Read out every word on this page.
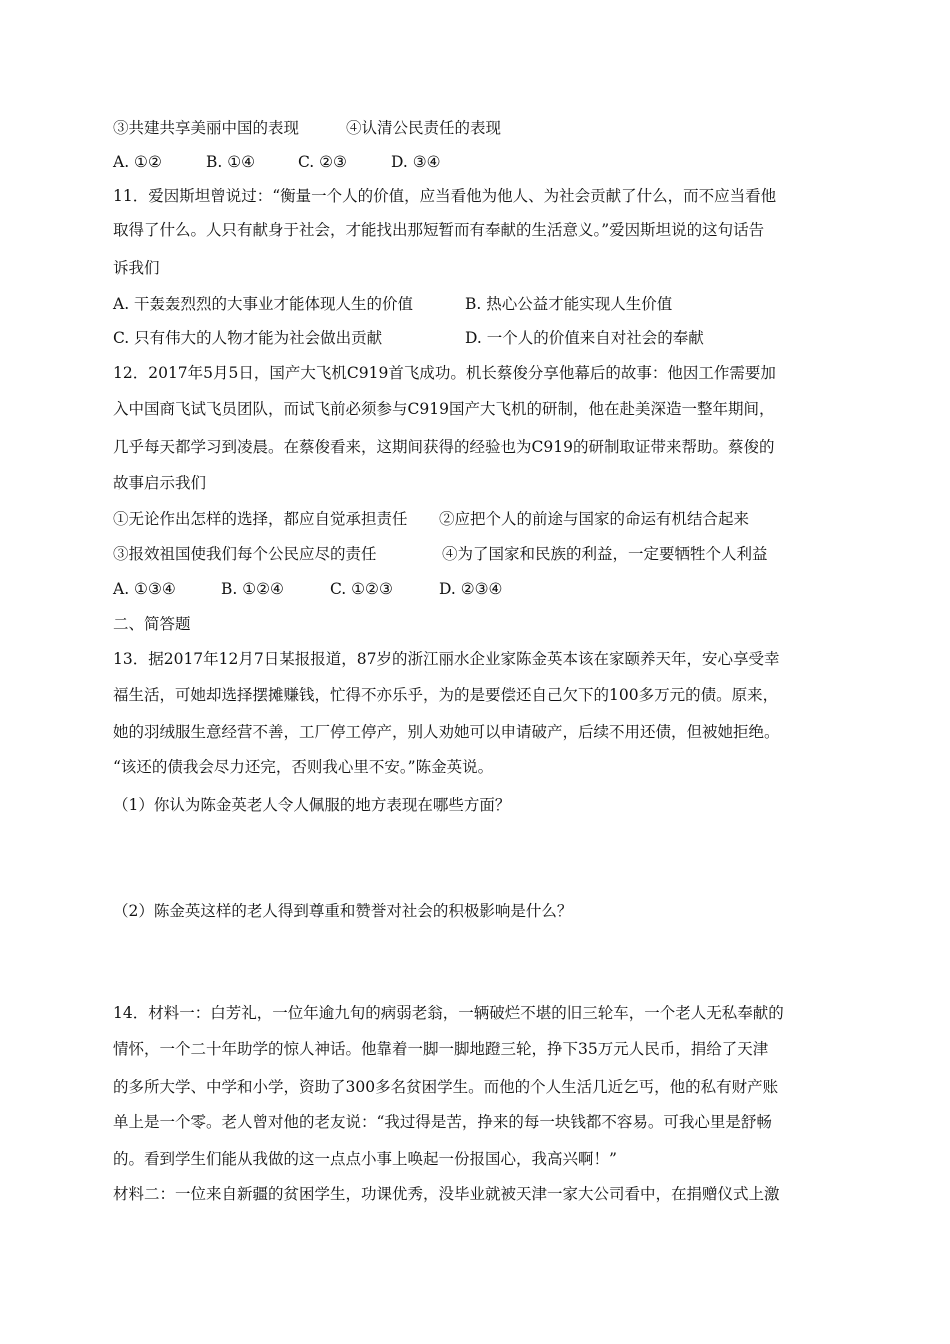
③共建共享美丽中国的表现	④认清公民责任的表现
A. ①②	B. ①④	C. ②③	D. ③④
11．爱因斯坦曾说过：“衡量一个人的价值，应当看他为他人、为社会贡献了什么，而不应当看他
取得了什么。人只有献身于社会，才能找出那短暂而有奉献的生活意义。”爱因斯坦说的这句话告
诉我们
A. 干轰轰烈烈的大事业才能体现人生的价值	B. 热心公益才能实现人生价值
C. 只有伟大的人物才能为社会做出贡献	D. 一个人的价值来自对社会的奉献
12．2017年5月5日，国产大飞机C919首飞成功。机长蔡俊分享他幕后的故事：他因工作需要加
入中国商飞试飞员团队，而试飞前必须参与C919国产大飞机的研制，他在赴美深造一整年期间，
几乎每天都学习到凌晨。在蔡俊看来，这期间获得的经验也为C919的研制取证带来帮助。蔡俊的
故事启示我们
①无论作出怎样的选择，都应自觉承担责任 ②应把个人的前途与国家的命运有机结合起来
③报效祖国使我们每个公民应尽的责任	④为了国家和民族的利益，一定要牺牲个人利益
A. ①③④	B. ①②④	C. ①②③	D. ②③④
二、简答题
13．据2017年12月7日某报报道，87岁的浙江丽水企业家陈金英本该在家颐养天年，安心享受幸
福生活，可她却选择摆摊赚钱，忙得不亦乐乎，为的是要偿还自己欠下的100多万元的债。原来，
她的羽绒服生意经营不善，工厂停工停产，别人劝她可以申请破产，后续不用还债，但被她拒绝。
“该还的债我会尽力还完，否则我心里不安。”陈金英说。
（1）你认为陈金英老人令人佩服的地方表现在哪些方面？
（2）陈金英这样的老人得到尊重和赞誉对社会的积极影响是什么？
14．材料一：白芳礼，一位年逾九旬的病弱老翁，一辆破烂不堪的旧三轮车，一个老人无私奉献的
情怀，一个二十年助学的惊人神话。他靠着一脚一脚地蹬三轮，挣下35万元人民币，捐给了天津
的多所大学、中学和小学，资助了300多名贫困学生。而他的个人生活几近乞丐，他的私有财产账
单上是一个零。老人曾对他的老友说：“我过得是苦，挣来的每一块钱都不容易。可我心里是舒畅
的。看到学生们能从我做的这一点点小事上唤起一份报国心，我高兴啊！”
材料二：一位来自新疆的贫困学生，功课优秀，没毕业就被天津一家大公司看中，在捐赠仪式上激
